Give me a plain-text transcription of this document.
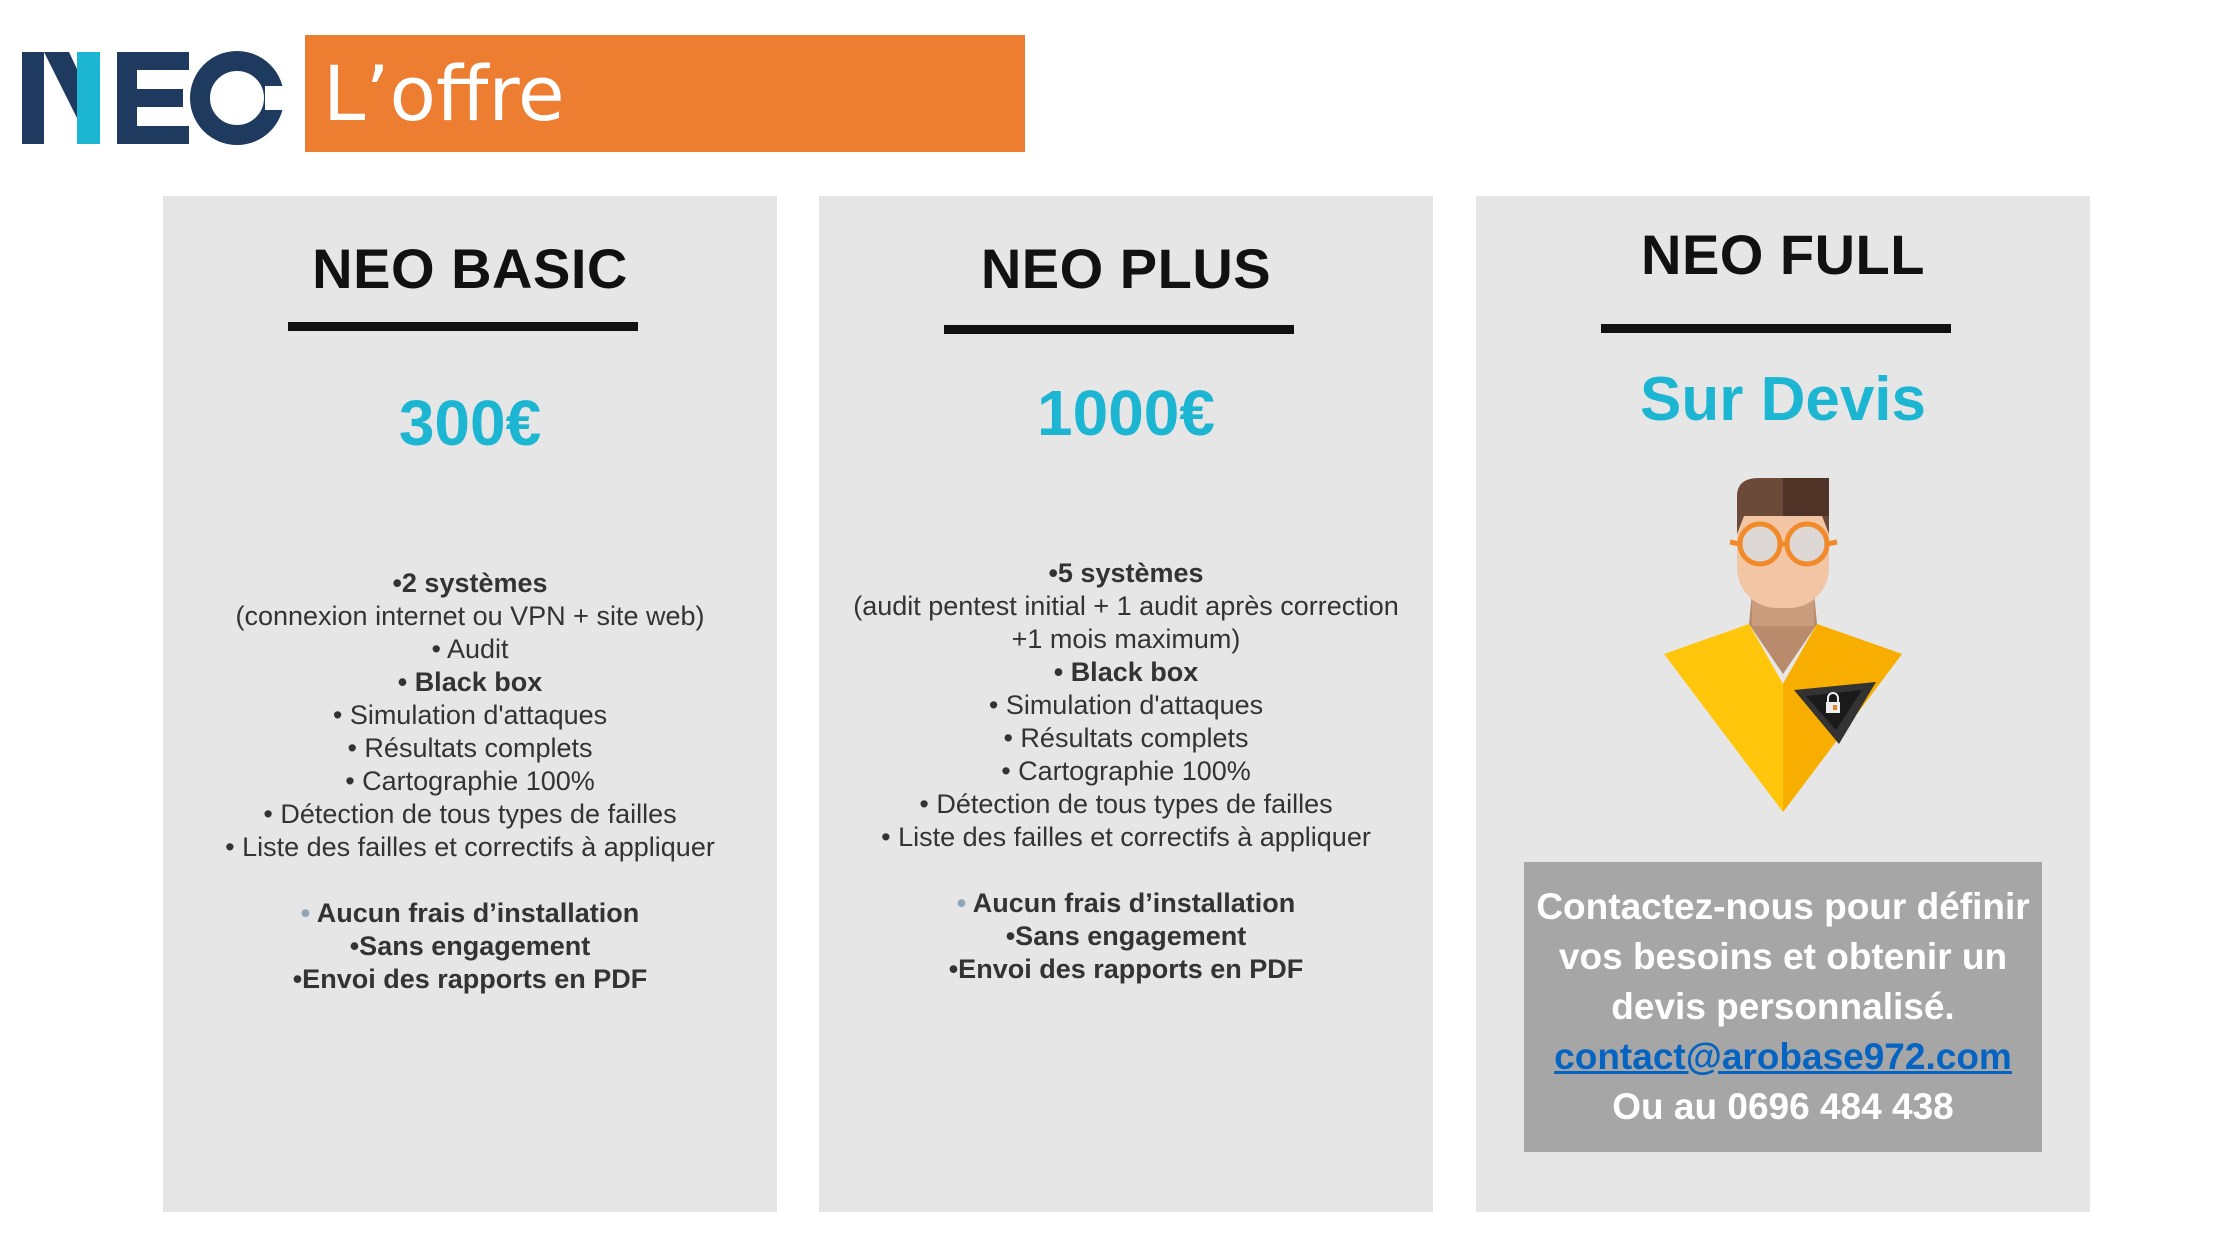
L’offre
NEO BASIC
300€
•2 systèmes
(connexion internet ou VPN + site web)
• Audit
• Black box
• Simulation d'attaques
• Résultats complets
• Cartographie 100%
• Détection de tous types de failles
• Liste des failles et correctifs à appliquer
• Aucun frais d’installation
•Sans engagement
•Envoi des rapports en PDF
NEO PLUS
1000€
•5 systèmes
(audit pentest initial + 1 audit après correction
+1 mois maximum)
• Black box
• Simulation d'attaques
• Résultats complets
• Cartographie 100%
• Détection de tous types de failles
• Liste des failles et correctifs à appliquer
• Aucun frais d’installation
•Sans engagement
•Envoi des rapports en PDF
NEO FULL
Sur Devis
Contactez-nous pour définir
vos besoins et obtenir un
devis personnalisé.
contact@arobase972.com
Ou au 0696 484 438
